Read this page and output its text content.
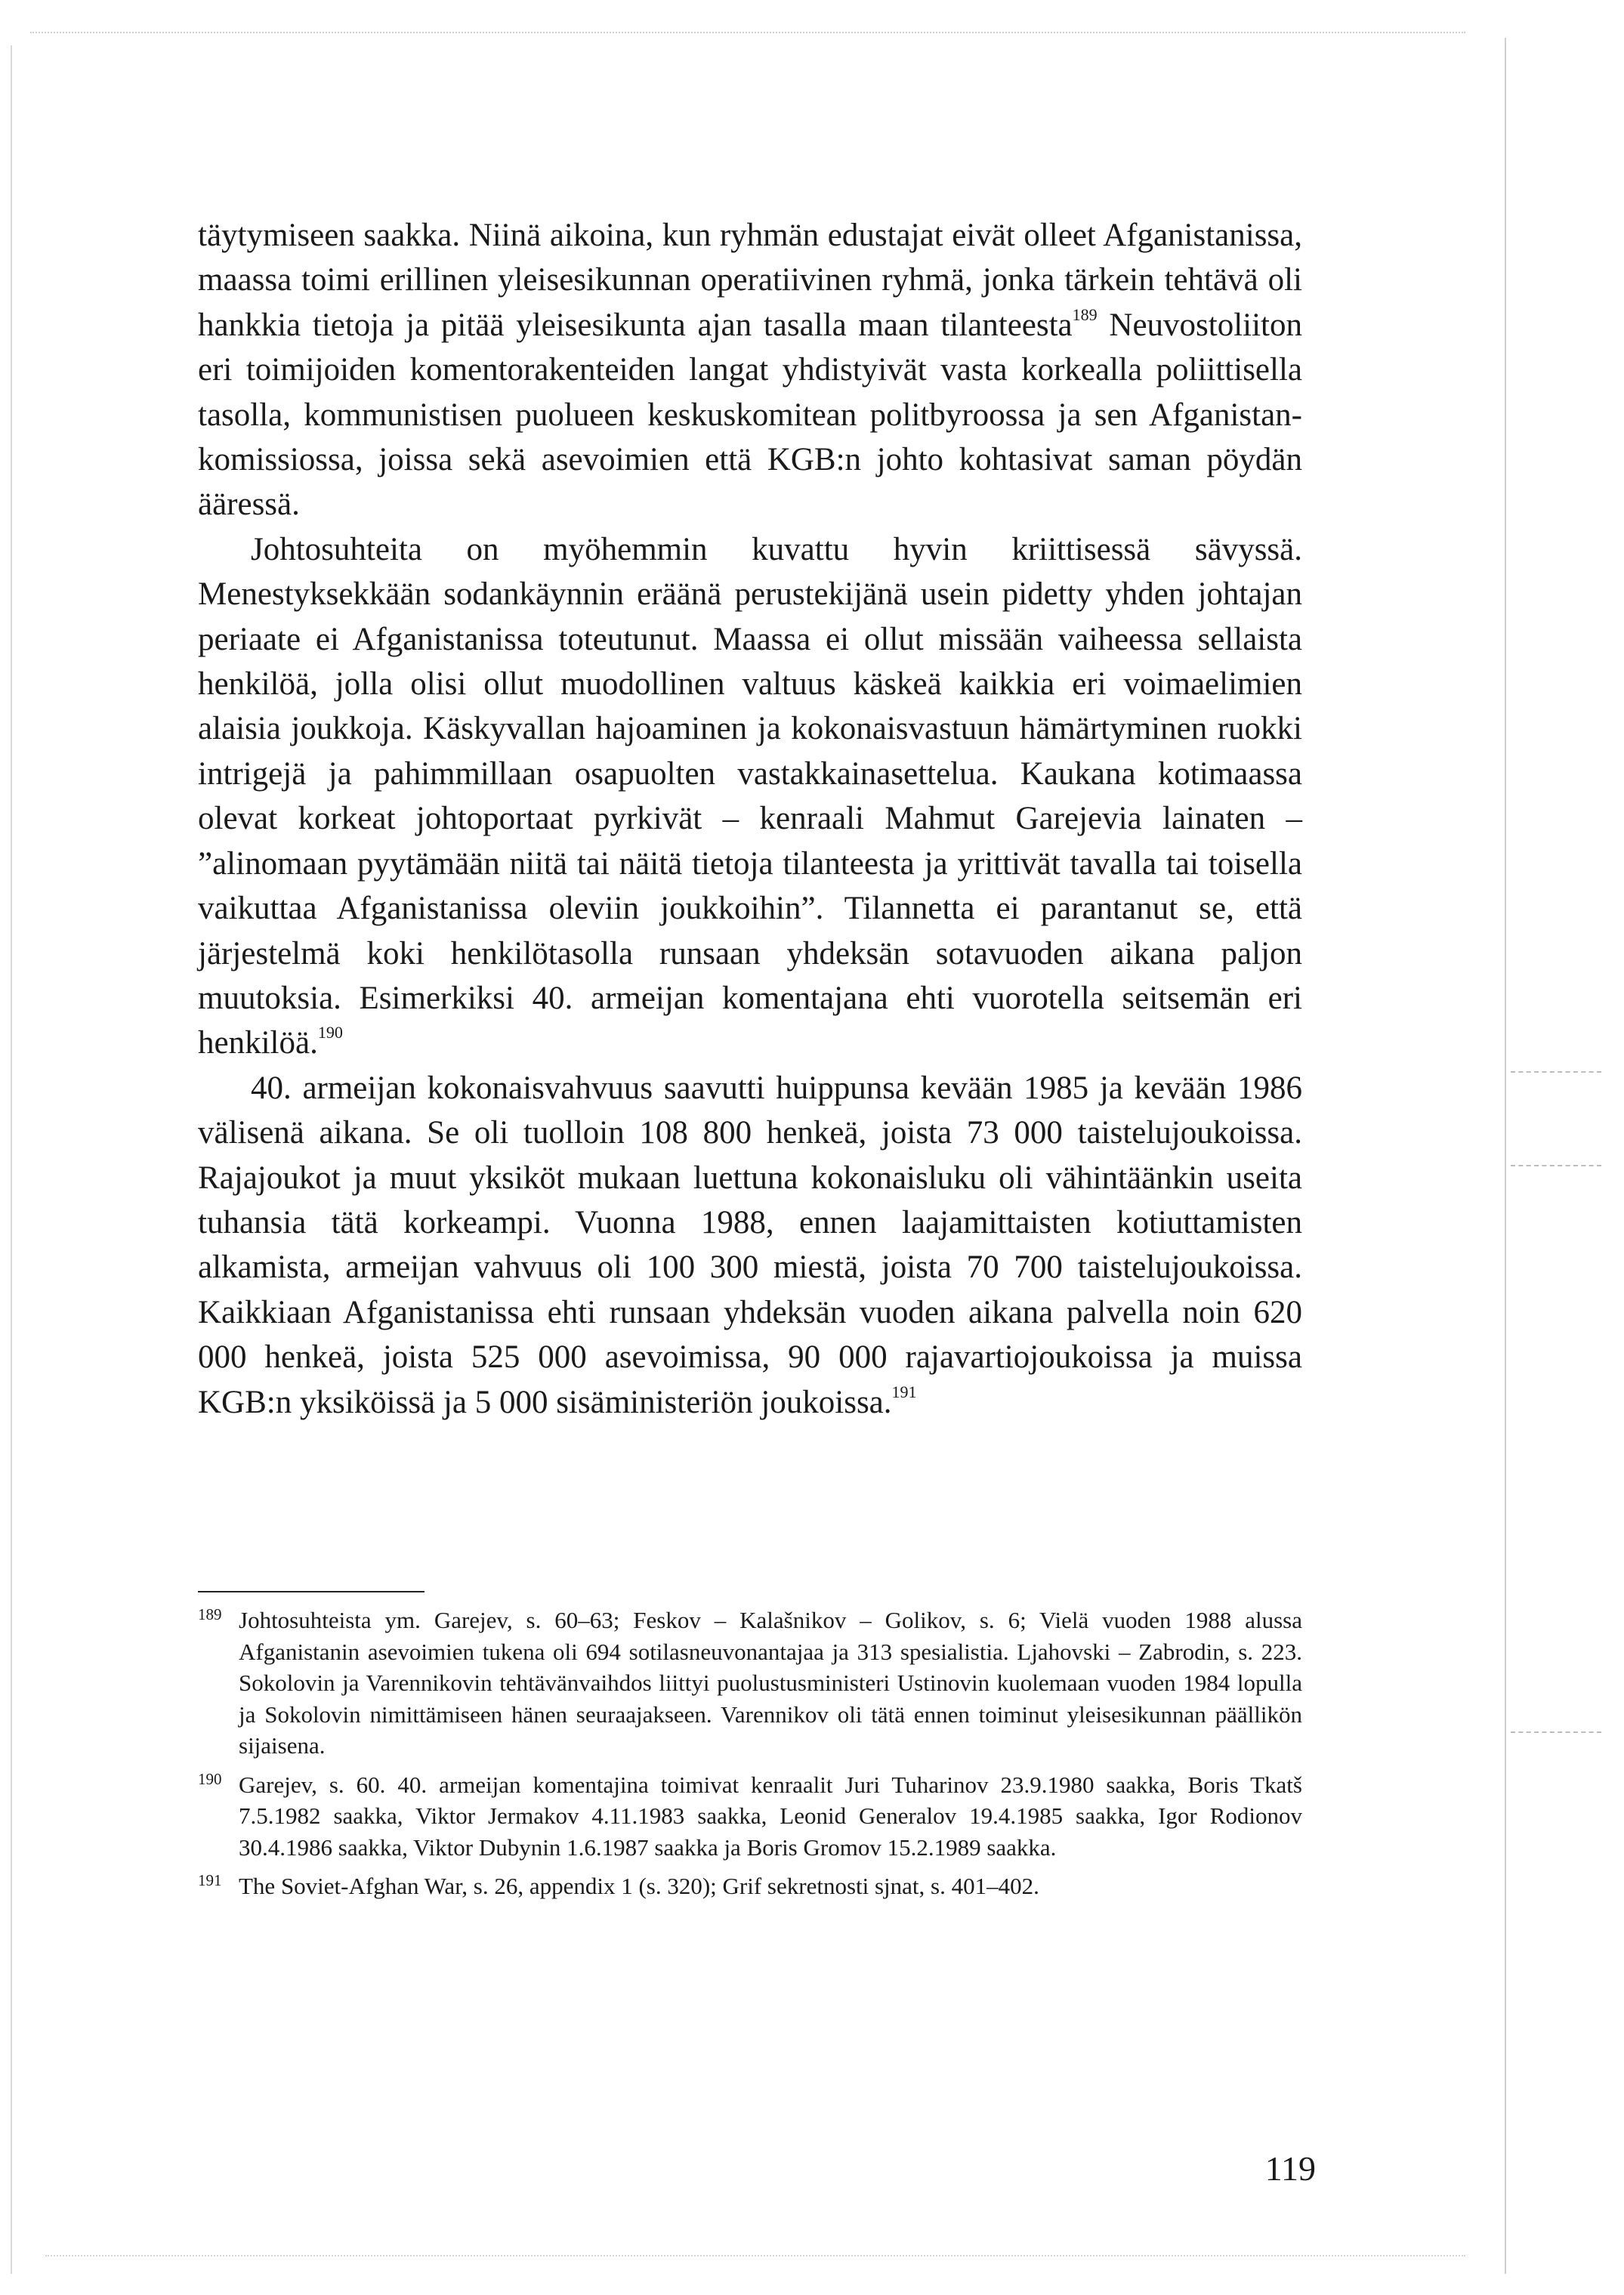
täytymiseen saakka. Niinä aikoina, kun ryhmän edustajat eivät olleet Afganistanissa, maassa toimi erillinen yleisesikunnan operatiivinen ryhmä, jonka tärkein tehtävä oli hankkia tietoja ja pitää yleisesikunta ajan tasalla maan tilanteesta$^{189}$ Neuvostoliiton eri toimijoiden komentorakenteiden langat yhdistyivät vasta korkealla poliittisella tasolla, kommunistisen puolueen keskuskomitean politbyroossa ja sen Afganistan-komissiossa, joissa sekä asevoimien että KGB:n johto kohtasivat saman pöydän ääressä.

Johtosuhteita on myöhemmin kuvattu hyvin kriittisessä sävyssä. Menestyksekkään sodankäynnin eräänä perustekijänä usein pidetty yhden johtajan periaate ei Afganistanissa toteutunut. Maassa ei ollut missään vaiheessa sellaista henkilöä, jolla olisi ollut muodollinen valtuus käskeä kaikkia eri voimaelimien alaisia joukkoja. Käskyvallan hajoaminen ja kokonaisvastuun hämärtyminen ruokki intrigejä ja pahimmillaan osapuolten vastakkainasettelua. Kaukana kotimaassa olevat korkeat johtoportaat pyrkivät – kenraali Mahmut Garejevia lainaten – ”alinomaan pyytämään niitä tai näitä tietoja tilanteesta ja yrittivät tavalla tai toisella vaikuttaa Afganistanissa oleviin joukkoihin”. Tilannetta ei parantanut se, että järjestelmä koki henkilötasolla runsaan yhdeksän sotavuoden aikana paljon muutoksia. Esimerkiksi 40. armeijan komentajana ehti vuorotella seitsemän eri henkilöä.$^{190}$

40. armeijan kokonaisvahvuus saavutti huippunsa kevään 1985 ja kevään 1986 välisenä aikana. Se oli tuolloin 108 800 henkeä, joista 73 000 taistelujoukoissa. Rajajoukot ja muut yksiköt mukaan luettuna kokonaisluku oli vähintäänkin useita tuhansia tätä korkeampi. Vuonna 1988, ennen laajamittaisten kotiuttamisten alkamista, armeijan vahvuus oli 100 300 miestä, joista 70 700 taistelujoukoissa. Kaikkiaan Afganistanissa ehti runsaan yhdeksän vuoden aikana palvella noin 620 000 henkeä, joista 525 000 asevoimissa, 90 000 rajavartiojoukoissa ja muissa KGB:n yksiköissä ja 5 000 sisäministeriön joukoissa.$^{191}$

189 Johtosuhteista ym. Garejev, s. 60–63; Feskov – Kalašnikov – Golikov, s. 6; Vielä vuoden 1988 alussa Afganistanin asevoimien tukena oli 694 sotilasneuvonantajaa ja 313 spesialistia. Ljahovski – Zabrodin, s. 223. Sokolovin ja Varennikovin tehtävänvaihdos liittyi puolustusministeri Ustinovin kuolemaan vuoden 1984 lopulla ja Sokolovin nimittämiseen hänen seuraajakseen. Varennikov oli tätä ennen toiminut yleisesikunnan päällikön sijaisena.
190 Garejev, s. 60. 40. armeijan komentajina toimivat kenraalit Juri Tuharinov 23.9.1980 saakka, Boris Tkatš 7.5.1982 saakka, Viktor Jermakov 4.11.1983 saakka, Leonid Generalov 19.4.1985 saakka, Igor Rodionov 30.4.1986 saakka, Viktor Dubynin 1.6.1987 saakka ja Boris Gromov 15.2.1989 saakka.
191 The Soviet-Afghan War, s. 26, appendix 1 (s. 320); Grif sekretnosti sjnat, s. 401–402.
119
